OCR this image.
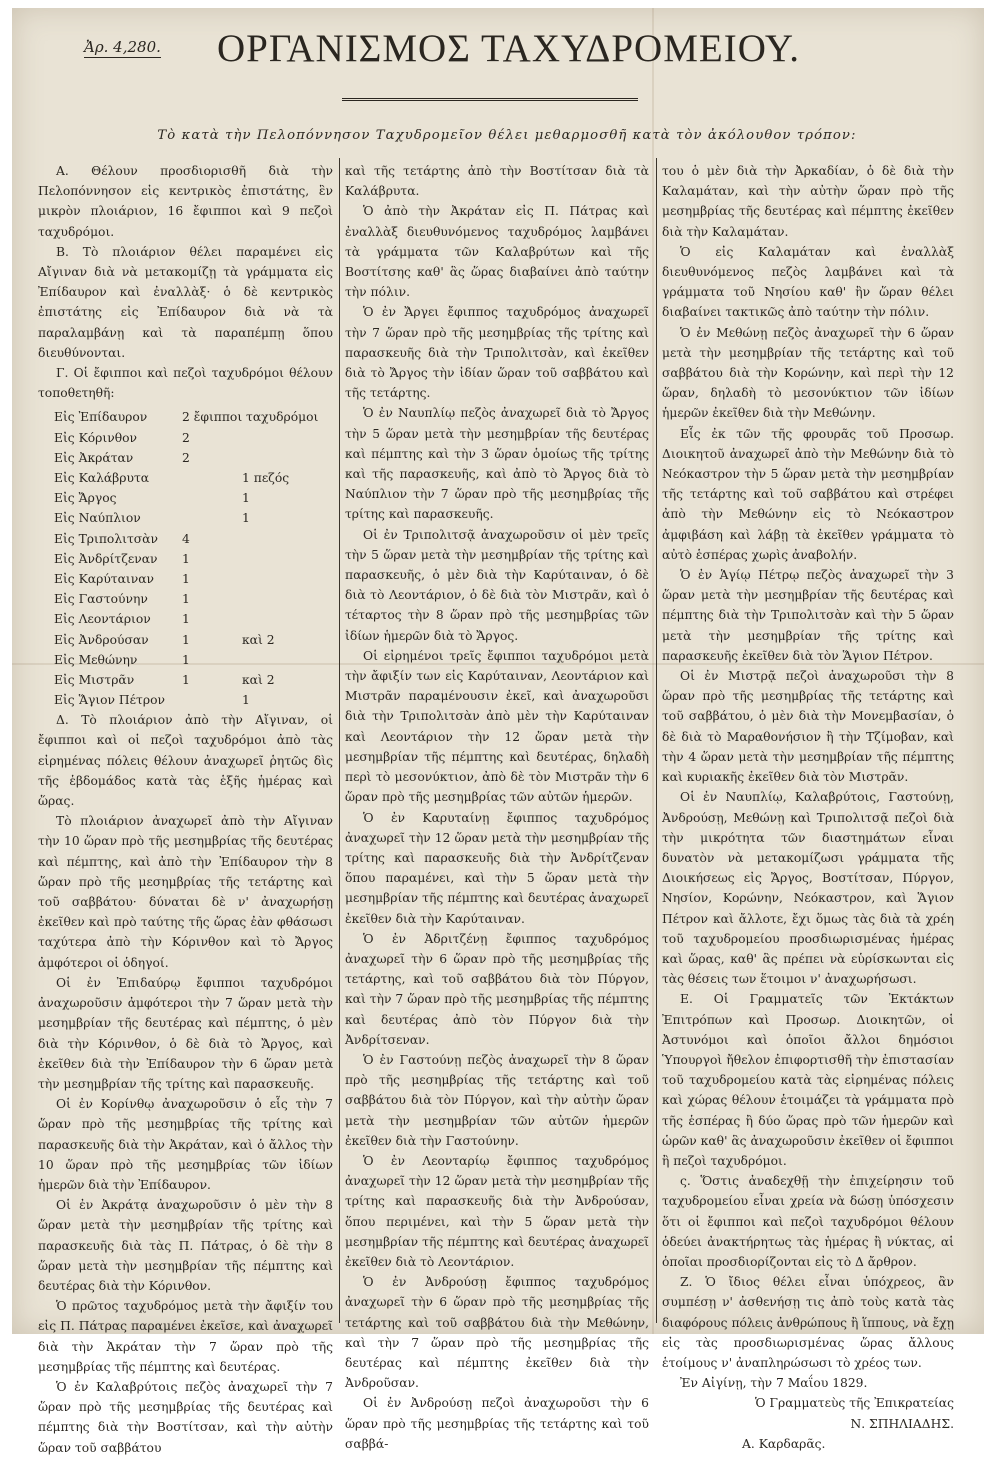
Ἀρ. 4,280. ΟΡΓΑΝΙΣΜΟΣ ΤΑΧΥΔΡΟΜΕΙΟΥ.
Τὸ κατὰ τὴν Πελοπόννησον Ταχυδρομεῖον θέλει μεθαρμοσθῆ κατὰ τὸν ἀκόλουθον τρόπον:

Α. Θέλουν προσδιορισθῆ διὰ τὴν Πελοπόννησον εἰς κεντρικὸς ἐπιστάτης, ἓν μικρὸν πλοιάριον, 16 ἔφιπποι καὶ 9 πεζοὶ ταχυδρόμοι.

Β. Τὸ πλοιάριον θέλει παραμένει εἰς Αἴγιναν διὰ νὰ μετακομίζῃ τὰ γράμματα εἰς Ἐπίδαυρον καὶ ἐναλλὰξ· ὁ δὲ κεντρικὸς ἐπιστάτης εἰς Ἐπίδαυρον διὰ νὰ τὰ παραλαμβάνῃ καὶ τὰ παραπέμπῃ ὅπου διευθύνονται.

Γ. Οἱ ἔφιπποι καὶ πεζοὶ ταχυδρόμοι θέλουν τοποθετηθῆ:

Εἰς Ἐπίδαυρον	2 ἔφιπποι ταχυδρόμοι
Εἰς Κόρινθον	2
Εἰς Ἀκράταν	2
Εἰς Καλάβρυτα	1 πεζός
Εἰς Ἄργος	1
Εἰς Ναύπλιον	1
Εἰς Τριπολιτσὰν	4
Εἰς Ἀνδρίτζεναν	1
Εἰς Καρύταιναν	1
Εἰς Γαστούνην	1
Εἰς Λεοντάριον	1
Εἰς Ἀνδρούσαν	1	καὶ 2
Εἰς Μεθώνην	1
Εἰς Μιστρᾶν	1	καὶ 2
Εἰς Ἅγιον Πέτρον	1

Δ. Τὸ πλοιάριον ἀπὸ τὴν Αἴγιναν, οἱ ἔφιπποι καὶ οἱ πεζοὶ ταχυδρόμοι ἀπὸ τὰς εἰρημένας πόλεις θέλουν ἀναχωρεῖ ῥητῶς δὶς τῆς ἑβδομάδος κατὰ τὰς ἑξῆς ἡμέρας καὶ ὥρας.

Τὸ πλοιάριον ἀναχωρεῖ ἀπὸ τὴν Αἴγιναν τὴν 10 ὥραν πρὸ τῆς μεσημβρίας τῆς δευτέρας καὶ πέμπτης, καὶ ἀπὸ τὴν Ἐπίδαυρον τὴν 8 ὥραν πρὸ τῆς μεσημβρίας τῆς τετάρτης καὶ τοῦ σαββάτου· δύναται δὲ ν' ἀναχωρήσῃ ἐκεῖθεν καὶ πρὸ ταύτης τῆς ὥρας ἐὰν φθάσωσι ταχύτερα ἀπὸ τὴν Κόρινθον καὶ τὸ Ἄργος ἀμφότεροι οἱ ὁδηγοί.

Οἱ ἐν Ἐπιδαύρῳ ἔφιπποι ταχυδρόμοι ἀναχωροῦσιν ἀμφότεροι τὴν 7 ὥραν μετὰ τὴν μεσημβρίαν τῆς δευτέρας καὶ πέμπτης, ὁ μὲν διὰ τὴν Κόρινθον, ὁ δὲ διὰ τὸ Ἄργος, καὶ ἐκεῖθεν διὰ τὴν Ἐπίδαυρον τὴν 6 ὥραν μετὰ τὴν μεσημβρίαν τῆς τρίτης καὶ παρασκευῆς.

Οἱ ἐν Κορίνθῳ ἀναχωροῦσιν ὁ εἷς τὴν 7 ὥραν πρὸ τῆς μεσημβρίας τῆς τρίτης καὶ παρασκευῆς διὰ τὴν Ἀκράταν, καὶ ὁ ἄλλος τὴν 10 ὥραν πρὸ τῆς μεσημβρίας τῶν ἰδίων ἡμερῶν διὰ τὴν Ἐπίδαυρον.

Οἱ ἐν Ἀκράτᾳ ἀναχωροῦσιν ὁ μὲν τὴν 8 ὥραν μετὰ τὴν μεσημβρίαν τῆς τρίτης καὶ παρασκευῆς διὰ τὰς Π. Πάτρας, ὁ δὲ τὴν 8 ὥραν μετὰ τὴν μεσημβρίαν τῆς πέμπτης καὶ δευτέρας διὰ τὴν Κόρινθον.

Ὁ πρῶτος ταχυδρόμος μετὰ τὴν ἄφιξίν του εἰς Π. Πάτρας παραμένει ἐκεῖσε, καὶ ἀναχωρεῖ διὰ τὴν Ἀκράταν τὴν 7 ὥραν πρὸ τῆς μεσημβρίας τῆς πέμπτης καὶ δευτέρας.

Ὁ ἐν Καλαβρύτοις πεζὸς ἀναχωρεῖ τὴν 7 ὥραν πρὸ τῆς μεσημβρίας τῆς δευτέρας καὶ πέμπτης διὰ τὴν Βοστίτσαν, καὶ τὴν αὐτὴν ὥραν τοῦ σαββάτου

καὶ τῆς τετάρτης ἀπὸ τὴν Βοστίτσαν διὰ τὰ Καλάβρυτα.

Ὁ ἀπὸ τὴν Ἀκράταν εἰς Π. Πάτρας καὶ ἐναλλὰξ διευθυνόμενος ταχυδρόμος λαμβάνει τὰ γράμματα τῶν Καλαβρύτων καὶ τῆς Βοστίτσης καθ' ἃς ὥρας διαβαίνει ἀπὸ ταύτην τὴν πόλιν.

Ὁ ἐν Ἄργει ἔφιππος ταχυδρόμος ἀναχωρεῖ τὴν 7 ὥραν πρὸ τῆς μεσημβρίας τῆς τρίτης καὶ παρασκευῆς διὰ τὴν Τριπολιτσὰν, καὶ ἐκεῖθεν διὰ τὸ Ἄργος τὴν ἰδίαν ὥραν τοῦ σαββάτου καὶ τῆς τετάρτης.

Ὁ ἐν Ναυπλίῳ πεζὸς ἀναχωρεῖ διὰ τὸ Ἄργος τὴν 5 ὥραν μετὰ τὴν μεσημβρίαν τῆς δευτέρας καὶ πέμπτης καὶ τὴν 3 ὥραν ὁμοίως τῆς τρίτης καὶ τῆς παρασκευῆς, καὶ ἀπὸ τὸ Ἄργος διὰ τὸ Ναύπλιον τὴν 7 ὥραν πρὸ τῆς μεσημβρίας τῆς τρίτης καὶ παρασκευῆς.

Οἱ ἐν Τριπολιτσᾷ ἀναχωροῦσιν οἱ μὲν τρεῖς τὴν 5 ὥραν μετὰ τὴν μεσημβρίαν τῆς τρίτης καὶ παρασκευῆς, ὁ μὲν διὰ τὴν Καρύταιναν, ὁ δὲ διὰ τὸ Λεοντάριον, ὁ δὲ διὰ τὸν Μιστρᾶν, καὶ ὁ τέταρτος τὴν 8 ὥραν πρὸ τῆς μεσημβρίας τῶν ἰδίων ἡμερῶν διὰ τὸ Ἄργος.

Οἱ εἰρημένοι τρεῖς ἔφιπποι ταχυδρόμοι μετὰ τὴν ἄφιξίν των εἰς Καρύταιναν, Λεοντάριον καὶ Μιστρᾶν παραμένουσιν ἐκεῖ, καὶ ἀναχωροῦσι διὰ τὴν Τριπολιτσὰν ἀπὸ μὲν τὴν Καρύταιναν καὶ Λεοντάριον τὴν 12 ὥραν μετὰ τὴν μεσημβρίαν τῆς πέμπτης καὶ δευτέρας, δηλαδὴ περὶ τὸ μεσονύκτιον, ἀπὸ δὲ τὸν Μιστρᾶν τὴν 6 ὥραν πρὸ τῆς μεσημβρίας τῶν αὐτῶν ἡμερῶν.

Ὁ ἐν Καρυταίνῃ ἔφιππος ταχυδρόμος ἀναχωρεῖ τὴν 12 ὥραν μετὰ τὴν μεσημβρίαν τῆς τρίτης καὶ παρασκευῆς διὰ τὴν Ἀνδρίτζεναν ὅπου παραμένει, καὶ τὴν 5 ὥραν μετὰ τὴν μεσημβρίαν τῆς πέμπτης καὶ δευτέρας ἀναχωρεῖ ἐκεῖθεν διὰ τὴν Καρύταιναν.

Ὁ ἐν Ἀδριτζένῃ ἔφιππος ταχυδρόμος ἀναχωρεῖ τὴν 6 ὥραν πρὸ τῆς μεσημβρίας τῆς τετάρτης, καὶ τοῦ σαββάτου διὰ τὸν Πύργον, καὶ τὴν 7 ὥραν πρὸ τῆς μεσημβρίας τῆς πέμπτης καὶ δευτέρας ἀπὸ τὸν Πύργον διὰ τὴν Ἀνδρίτσεναν.

Ὁ ἐν Γαστούνῃ πεζὸς ἀναχωρεῖ τὴν 8 ὥραν πρὸ τῆς μεσημβρίας τῆς τετάρτης καὶ τοῦ σαββάτου διὰ τὸν Πύργον, καὶ τὴν αὐτὴν ὥραν μετὰ τὴν μεσημβρίαν τῶν αὐτῶν ἡμερῶν ἐκεῖθεν διὰ τὴν Γαστούνην.

Ὁ ἐν Λεονταρίῳ ἔφιππος ταχυδρόμος ἀναχωρεῖ τὴν 12 ὥραν μετὰ τὴν μεσημβρίαν τῆς τρίτης καὶ παρασκευῆς διὰ τὴν Ἀνδρούσαν, ὅπου περιμένει, καὶ τὴν 5 ὥραν μετὰ τὴν μεσημβρίαν τῆς πέμπτης καὶ δευτέρας ἀναχωρεῖ ἐκεῖθεν διὰ τὸ Λεοντάριον.

Ὁ ἐν Ἀνδρούσῃ ἔφιππος ταχυδρόμος ἀναχωρεῖ τὴν 6 ὥραν πρὸ τῆς μεσημβρίας τῆς τετάρτης καὶ τοῦ σαββάτου διὰ τὴν Μεθώνην, καὶ τὴν 7 ὥραν πρὸ τῆς μεσημβρίας τῆς δευτέρας καὶ πέμπτης ἐκεῖθεν διὰ τὴν Ἀνδροῦσαν.

Οἱ ἐν Ἀνδρούσῃ πεζοὶ ἀναχωροῦσι τὴν 6 ὥραν πρὸ τῆς μεσημβρίας τῆς τετάρτης καὶ τοῦ σαββά-

του ὁ μὲν διὰ τὴν Ἀρκαδίαν, ὁ δὲ διὰ τὴν Καλαμάταν, καὶ τὴν αὐτὴν ὥραν πρὸ τῆς μεσημβρίας τῆς δευτέρας καὶ πέμπτης ἐκεῖθεν διὰ τὴν Καλαμάταν.

Ὁ εἰς Καλαμάταν καὶ ἐναλλὰξ διευθυνόμενος πεζὸς λαμβάνει καὶ τὰ γράμματα τοῦ Νησίου καθ' ἣν ὥραν θέλει διαβαίνει τακτικῶς ἀπὸ ταύτην τὴν πόλιν.

Ὁ ἐν Μεθώνῃ πεζὸς ἀναχωρεῖ τὴν 6 ὥραν μετὰ τὴν μεσημβρίαν τῆς τετάρτης καὶ τοῦ σαββάτου διὰ τὴν Κορώνην, καὶ περὶ τὴν 12 ὥραν, δηλαδὴ τὸ μεσονύκτιον τῶν ἰδίων ἡμερῶν ἐκεῖθεν διὰ τὴν Μεθώνην.

Εἷς ἐκ τῶν τῆς φρουρᾶς τοῦ Προσωρ. Διοικητοῦ ἀναχωρεῖ ἀπὸ τὴν Μεθώνην διὰ τὸ Νεόκαστρον τὴν 5 ὥραν μετὰ τὴν μεσημβρίαν τῆς τετάρτης καὶ τοῦ σαββάτου καὶ στρέφει ἀπὸ τὴν Μεθώνην εἰς τὸ Νεόκαστρον ἀμφιβάση καὶ λάβῃ τὰ ἐκεῖθεν γράμματα τὸ αὐτὸ ἑσπέρας χωρὶς ἀναβολήν.

Ὁ ἐν Ἁγίῳ Πέτρῳ πεζὸς ἀναχωρεῖ τὴν 3 ὥραν μετὰ τὴν μεσημβρίαν τῆς δευτέρας καὶ πέμπτης διὰ τὴν Τριπολιτσὰν καὶ τὴν 5 ὥραν μετὰ τὴν μεσημβρίαν τῆς τρίτης καὶ παρασκευῆς ἐκεῖθεν διὰ τὸν Ἅγιον Πέτρον.

Οἱ ἐν Μιστρᾷ πεζοὶ ἀναχωροῦσι τὴν 8 ὥραν πρὸ τῆς μεσημβρίας τῆς τετάρτης καὶ τοῦ σαββάτου, ὁ μὲν διὰ τὴν Μονεμβασίαν, ὁ δὲ διὰ τὸ Μαραθονήσιον ἢ τὴν Τζίμοβαν, καὶ τὴν 4 ὥραν μετὰ τὴν μεσημβρίαν τῆς πέμπτης καὶ κυριακῆς ἐκεῖθεν διὰ τὸν Μιστρᾶν.

Οἱ ἐν Ναυπλίῳ, Καλαβρύτοις, Γαστούνῃ, Ἀνδρούσῃ, Μεθώνῃ καὶ Τριπολιτσᾷ πεζοὶ διὰ τὴν μικρότητα τῶν διαστημάτων εἶναι δυνατὸν νὰ μετακομίζωσι γράμματα τῆς Διοικήσεως εἰς Ἄργος, Βοστίτσαν, Πύργον, Νησίον, Κορώνην, Νεόκαστρον, καὶ Ἅγιον Πέτρον καὶ ἄλλοτε, ἔχι ὅμως τὰς διὰ τὰ χρέη τοῦ ταχυδρομείου προσδιωρισμένας ἡμέρας καὶ ὥρας, καθ' ἃς πρέπει νὰ εὑρίσκωνται εἰς τὰς θέσεις των ἕτοιμοι ν' ἀναχωρήσωσι.

Ε. Οἱ Γραμματεῖς τῶν Ἐκτάκτων Ἐπιτρόπων καὶ Προσωρ. Διοικητῶν, οἱ Ἀστυνόμοι καὶ ὁποῖοι ἄλλοι δημόσιοι Ὑπουργοὶ ἤθελον ἐπιφορτισθῆ τὴν ἐπιστασίαν τοῦ ταχυδρομείου κατὰ τὰς εἰρημένας πόλεις καὶ χώρας θέλουν ἑτοιμάζει τὰ γράμματα πρὸ τῆς ἑσπέρας ἢ δύο ὥρας πρὸ τῶν ἡμερῶν καὶ ὡρῶν καθ' ἃς ἀναχωροῦσιν ἐκεῖθεν οἱ ἔφιπποι ἢ πεζοὶ ταχυδρόμοι.

ς. Ὅστις ἀναδεχθῇ τὴν ἐπιχείρησιν τοῦ ταχυδρομείου εἶναι χρεία νὰ δώσῃ ὑπόσχεσιν ὅτι οἱ ἔφιπποι καὶ πεζοὶ ταχυδρόμοι θέλουν ὁδεύει ἀνακτήρητως τὰς ἡμέρας ἢ νύκτας, αἱ ὁποῖαι προσδιορίζονται εἰς τὸ Δ ἄρθρον.

Ζ. Ὁ ἴδιος θέλει εἶναι ὑπόχρεος, ἂν συμπέσῃ ν' ἀσθενήσῃ τις ἀπὸ τοὺς κατὰ τὰς διαφόρους πόλεις ἀνθρώπους ἢ ἵππους, νὰ ἔχῃ εἰς τὰς προσδιωρισμένας ὥρας ἄλλους ἑτοίμους ν' ἀναπληρώσωσι τὸ χρέος των.

Ἐν Αἰγίνῃ, τὴν 7 Μαΐου 1829.

Ὁ Γραμματεὺς τῆς Ἐπικρατείας

Ν. ΣΠΗΛΙΑΔΗΣ.

Α. Καρδαρᾶς.
